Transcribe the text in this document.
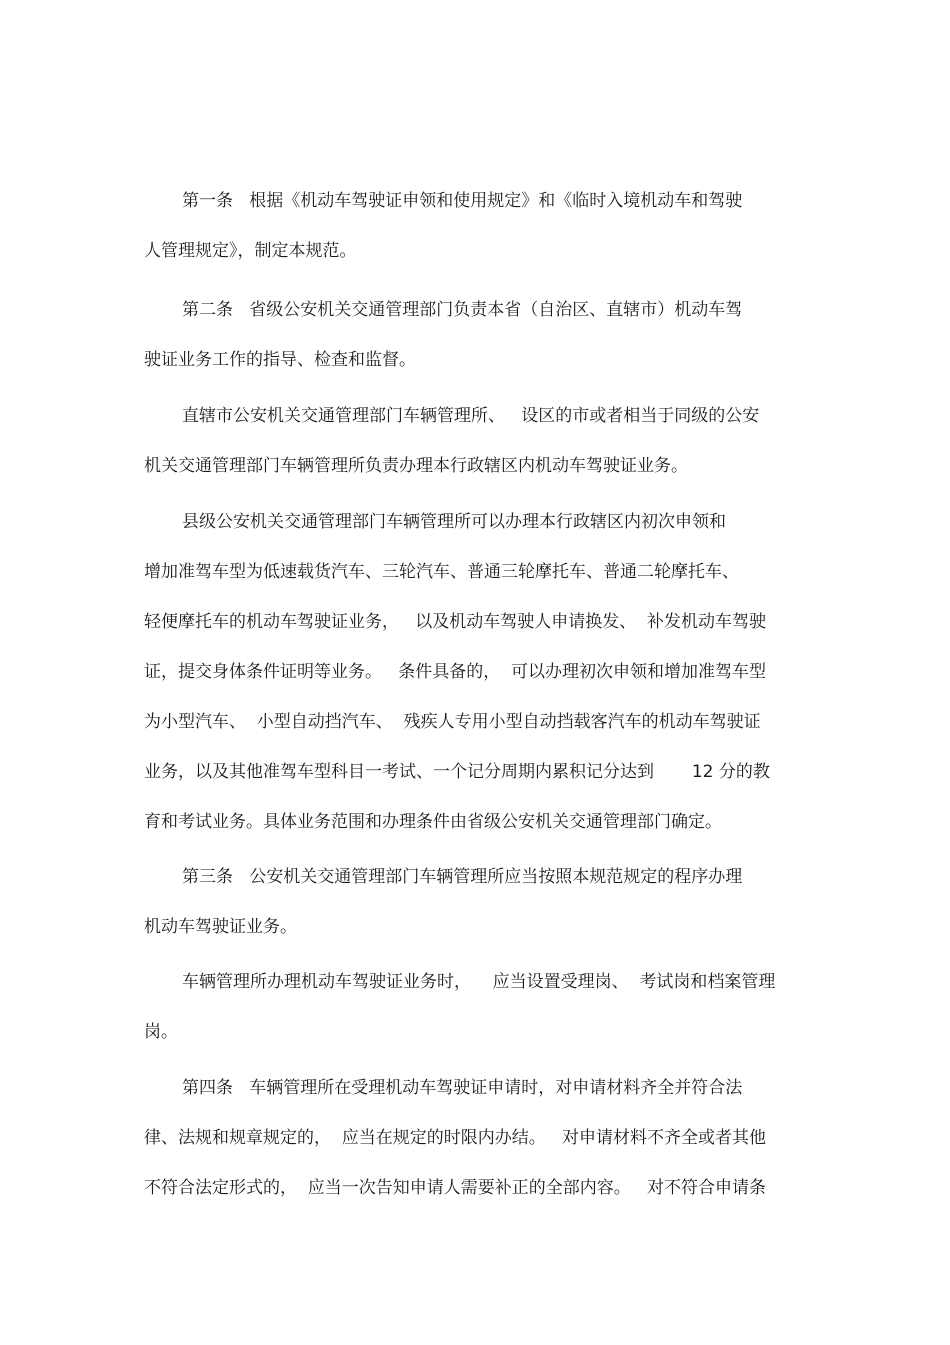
第一条   根据《机动车驾驶证申领和使用规定》和《临时入境机动车和驾驶
人管理规定》，制定本规范。
第二条   省级公安机关交通管理部门负责本省（自治区、直辖市）机动车驾
驶证业务工作的指导、检查和监督。
直辖市公安机关交通管理部门车辆管理所、   设区的市或者相当于同级的公安
机关交通管理部门车辆管理所负责办理本行政辖区内机动车驾驶证业务。
县级公安机关交通管理部门车辆管理所可以办理本行政辖区内初次申领和
增加准驾车型为低速载货汽车、三轮汽车、普通三轮摩托车、普通二轮摩托车、
轻便摩托车的机动车驾驶证业务，   以及机动车驾驶人申请换发、  补发机动车驾驶
证，提交身体条件证明等业务。   条件具备的，  可以办理初次申领和增加准驾车型
为小型汽车、  小型自动挡汽车、  残疾人专用小型自动挡载客汽车的机动车驾驶证
业务，以及其他准驾车型科目一考试、一个记分周期内累积记分达到       12 分的教
育和考试业务。具体业务范围和办理条件由省级公安机关交通管理部门确定。
第三条   公安机关交通管理部门车辆管理所应当按照本规范规定的程序办理
机动车驾驶证业务。
车辆管理所办理机动车驾驶证业务时，    应当设置受理岗、  考试岗和档案管理
岗。
第四条   车辆管理所在受理机动车驾驶证申请时，对申请材料齐全并符合法
律、法规和规章规定的，  应当在规定的时限内办结。   对申请材料不齐全或者其他
不符合法定形式的，  应当一次告知申请人需要补正的全部内容。   对不符合申请条
